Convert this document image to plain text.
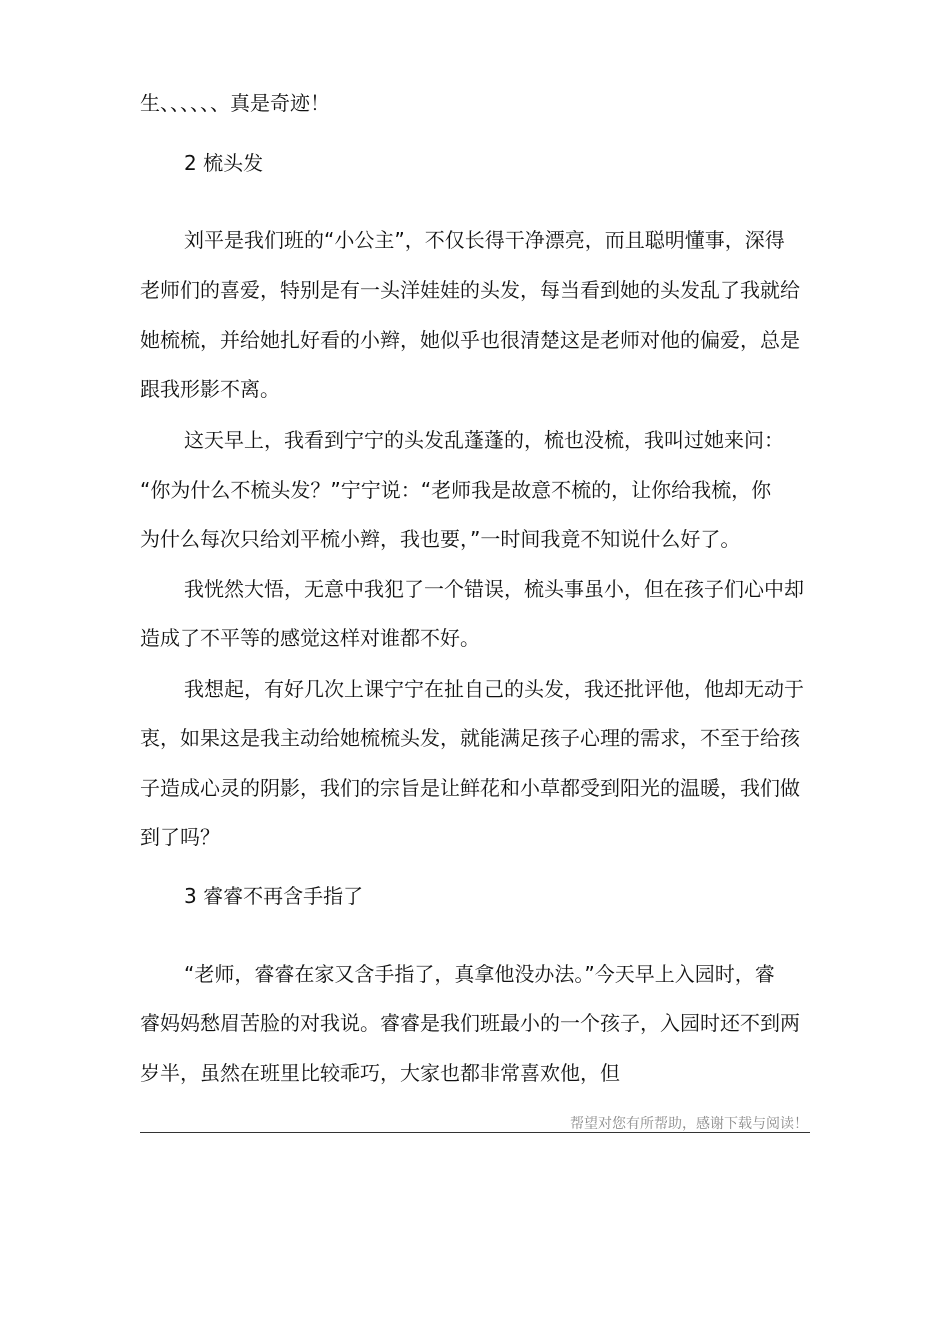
生、、、、、、真是奇迹！

2 梳头发

刘平是我们班的“小公主”，不仅长得干净漂亮，而且聪明懂事，深得

老师们的喜爱，特别是有一头洋娃娃的头发，每当看到她的头发乱了我就给

她梳梳，并给她扎好看的小辫，她似乎也很清楚这是老师对他的偏爱，总是

跟我形影不离。

这天早上，我看到宁宁的头发乱蓬蓬的，梳也没梳，我叫过她来问：

“你为什么不梳头发？”宁宁说：“老师我是故意不梳的，让你给我梳，你

为什么每次只给刘平梳小辫，我也要，”一时间我竟不知说什么好了。

我恍然大悟，无意中我犯了一个错误，梳头事虽小，但在孩子们心中却

造成了不平等的感觉这样对谁都不好。

我想起，有好几次上课宁宁在扯自己的头发，我还批评他，他却无动于

衷，如果这是我主动给她梳梳头发，就能满足孩子心理的需求，不至于给孩

子造成心灵的阴影，我们的宗旨是让鲜花和小草都受到阳光的温暖，我们做

到了吗？

3 睿睿不再含手指了

“老师，睿睿在家又含手指了，真拿他没办法。”今天早上入园时，睿

睿妈妈愁眉苦脸的对我说。睿睿是我们班最小的一个孩子，入园时还不到两

岁半，虽然在班里比较乖巧，大家也都非常喜欢他，但

帮望对您有所帮助，感谢下载与阅读！
